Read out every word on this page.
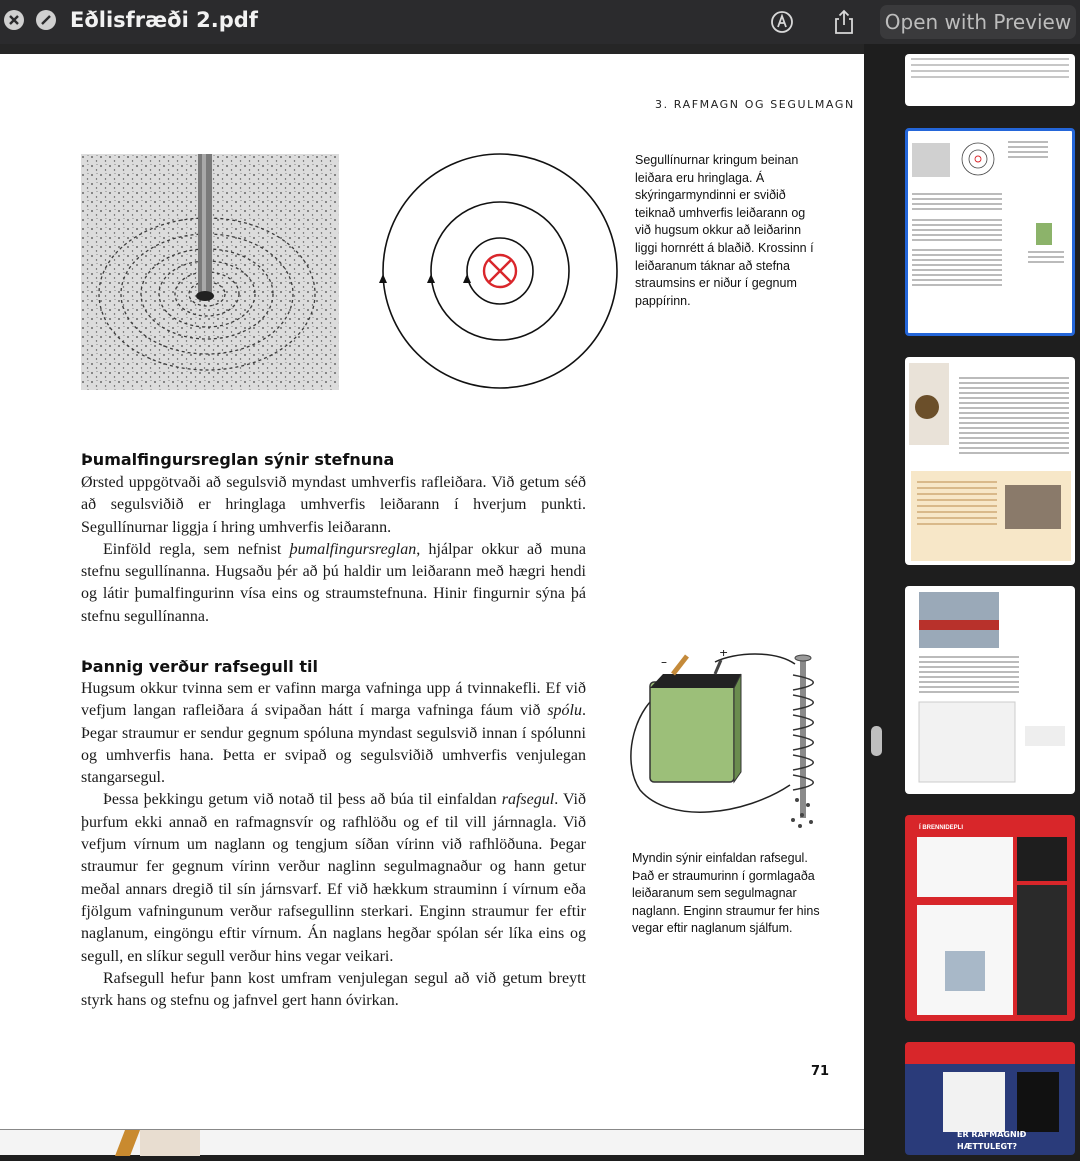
Eðlisfræði 2.pdf	Open with Preview
3. RAFMAGN OG SEGULMAGN
Segullínurnar kringum beinan leiðara eru hringlaga. Á skýringarmyndinni er sviðið teiknað umhverfis leiðarann og við hugsum okkur að leiðarinn liggi hornrétt á blaðið. Krossinn í leiðaranum táknar að stefna straumsins er niður í gegnum pappírinn.
Þumalfingursreglan sýnir stefnuna

Ørsted uppgötvaði að segulsvið myndast umhverfis rafleiðara. Við getum séð að segulsviðið er hringlaga umhverfis leiðarann í hverjum punkti. Segullínurnar liggja í hring umhverfis leiðarann.

Einföld regla, sem nefnist þumalfingursreglan, hjálpar okkur að muna stefnu segullínanna. Hugsaðu þér að þú haldir um leiðarann með hægri hendi og látir þumalfingurinn vísa eins og straumstefnuna. Hinir fingurnir sýna þá stefnu segullínanna.

Þannig verður rafsegull til

Hugsum okkur tvinna sem er vafinn marga vafninga upp á tvinnakefli. Ef við vefjum langan rafleiðara á svipaðan hátt í marga vafninga fáum við spólu. Þegar straumur er sendur gegnum spóluna myndast segulsvið innan í spólunni og umhverfis hana. Þetta er svipað og segulsviðið umhverfis venjulegan stangarsegul.

Þessa þekkingu getum við notað til þess að búa til einfaldan rafsegul. Við þurfum ekki annað en rafmagnsvír og rafhlöðu og ef til vill járnnagla. Við vefjum vírnum um naglann og tengjum síðan vírinn við rafhlöðuna. Þegar straumur fer gegnum vírinn verður naglinn segulmagnaður og hann getur meðal annars dregið til sín járnsvarf. Ef við hækkum strauminn í vírnum eða fjölgum vafningunum verður rafsegullinn sterkari. Enginn straumur fer eftir naglanum, eingöngu eftir vírnum. Án naglans hegðar spólan sér líka eins og segull, en slíkur segull verður hins vegar veikari.

Rafsegull hefur þann kost umfram venjulegan segul að við getum breytt styrk hans og stefnu og jafnvel gert hann óvirkan.

–
+
Myndin sýnir einfaldan rafsegul. Það er straumurinn í gormlagaða leiðaranum sem segulmagnar naglann. Enginn straumur fer hins vegar eftir naglanum sjálfum.
71
Í BRENNIDEPLI
ER RAFMAGNIÐ
HÆTTULEGT?
